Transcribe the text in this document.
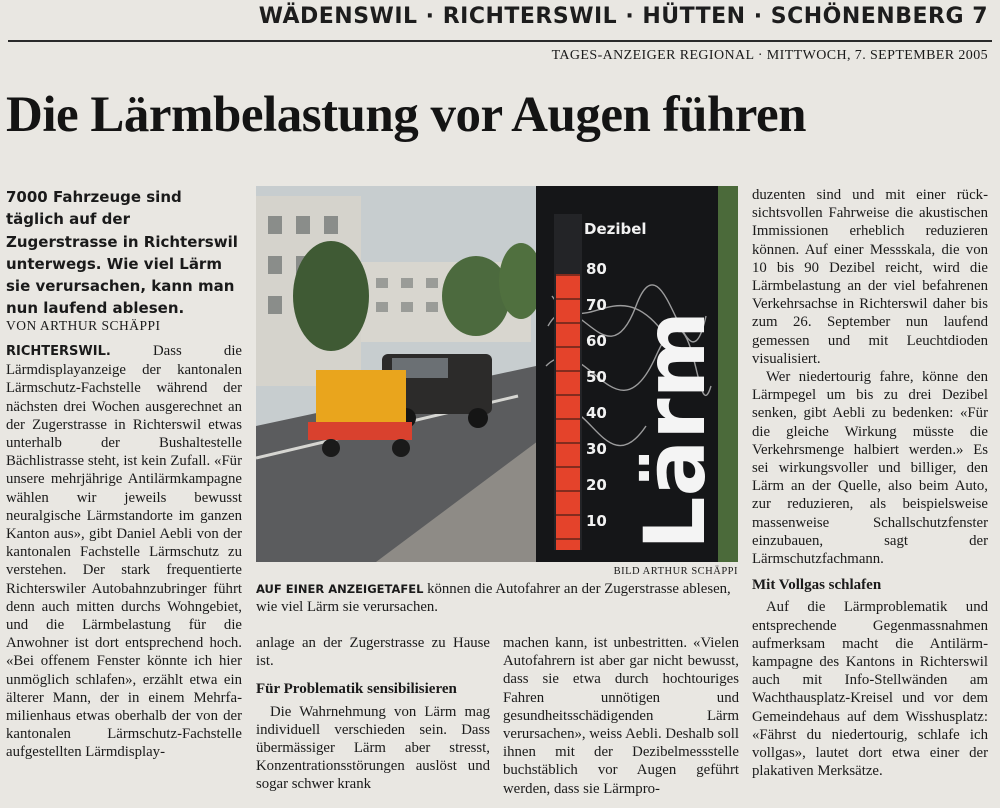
WÄDENSWIL · RICHTERSWIL · HÜTTEN · SCHÖNENBERG 7
TAGES-ANZEIGER REGIONAL · MITTWOCH, 7. SEPTEMBER 2005
Die Lärmbelastung vor Augen führen
7000 Fahrzeuge sind täglich auf der Zugerstrasse in Richterswil unterwegs. Wie viel Lärm sie verursachen, kann man nun laufend ablesen.
VON ARTHUR SCHÄPPI

RICHTERSWIL. Dass die Lärmdisplayanzeige der kantonalen Lärmschutz-Fachstelle während der nächsten drei Wochen ausgerechnet an der Zugerstrasse in Richterswil etwas unterhalb der Bushaltestelle Bächlistrasse steht, ist kein Zufall. «Für unsere mehrjährige Antilärmkampagne wählen wir jeweils bewusst neuralgische Lärmstandorte im ganzen Kanton aus», gibt Daniel Aebli von der kantonalen Fachstelle Lärmschutz zu verstehen. Der stark frequentierte Richterswiler Autobahnzubringer führt denn auch mitten durchs Wohngebiet, und die Lärmbelastung für die Anwohner ist dort entsprechend hoch. «Bei offenem Fenster könnte ich hier unmöglich schlafen», erzählt etwa ein älterer Mann, der in einem Mehrfamilienhaus etwas oberhalb der von der kantonalen Lärmschutz-Fachstelle aufgestellten Lärmdisplay-

Dezibel
80
70
60
50
40
30
20
10 Lärm
BILD ARTHUR SCHÄPPI
AUF EINER ANZEIGETAFEL können die Autofahrer an der Zugerstrasse ablesen, wie viel Lärm sie verursachen.

anlage an der Zugerstrasse zu Hause ist.

Für Problematik sensibilisieren

Die Wahrnehmung von Lärm mag individuell verschieden sein. Dass übermässiger Lärm aber stresst, Konzentrationsstörungen auslöst und sogar schwer krank

machen kann, ist unbestritten. «Vielen Autofahrern ist aber gar nicht bewusst, dass sie etwa durch hochtouriges Fahren unnötigen und gesundheitsschädigenden Lärm verursachen», weiss Aebli. Deshalb soll ihnen mit der Dezibelmessstelle buchstäblich vor Augen geführt werden, dass sie Lärmpro-

duzenten sind und mit einer rücksichtsvollen Fahrweise die akustischen Immissionen erheblich reduzieren können. Auf einer Messskala, die von 10 bis 90 Dezibel reicht, wird die Lärmbelastung an der viel befahrenen Verkehrsachse in Richterswil daher bis zum 26. September nun laufend gemessen und mit Leuchtdioden visualisiert.

Wer niedertourig fahre, könne den Lärmpegel um bis zu drei Dezibel senken, gibt Aebli zu bedenken: «Für die gleiche Wirkung müsste die Verkehrsmenge halbiert werden.» Es sei wirkungsvoller und billiger, den Lärm an der Quelle, also beim Auto, zur reduzieren, als beispielsweise massenweise Schallschutzfenster einzubauen, sagt der Lärmschutzfachmann.

Mit Vollgas schlafen

Auf die Lärmproblematik und entsprechende Gegenmassnahmen aufmerksam macht die Antilärmkampagne des Kantons in Richterswil auch mit Info-Stellwänden am Wachthausplatz-Kreisel und vor dem Gemeindehaus auf dem Wisshusplatz: «Fährst du niedertourig, schlafe ich vollgas», lautet dort etwa einer der plakativen Merksätze.
